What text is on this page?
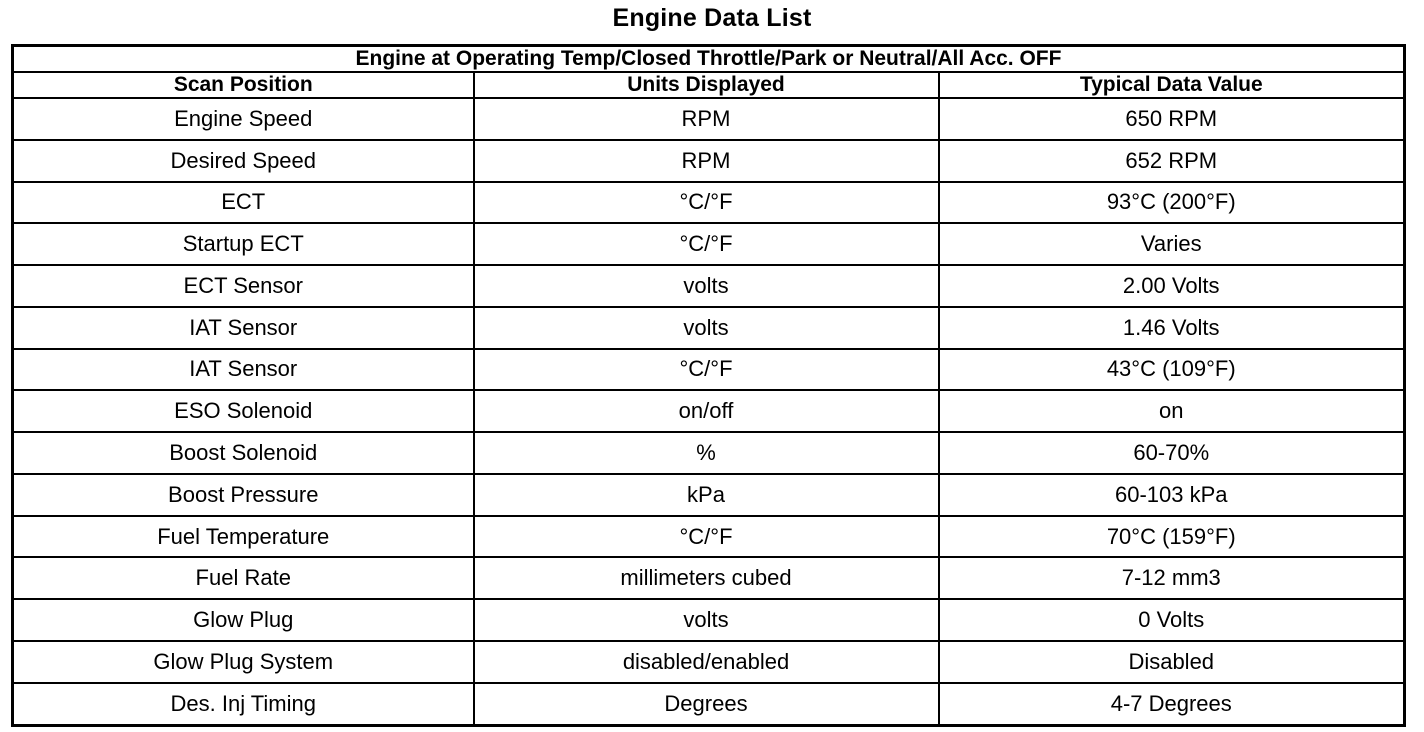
Engine Data List
Engine at Operating Temp/Closed Throttle/Park or Neutral/All Acc. OFF		
Scan Position	Units Displayed	Typical Data Value
Engine Speed	RPM	650 RPM
Desired Speed	RPM	652 RPM
ECT	°C/°F	93°C (200°F)
Startup ECT	°C/°F	Varies
ECT Sensor	volts	2.00 Volts
IAT Sensor	volts	1.46 Volts
IAT Sensor	°C/°F	43°C (109°F)
ESO Solenoid	on/off	on
Boost Solenoid	%	60-70%
Boost Pressure	kPa	60-103 kPa
Fuel Temperature	°C/°F	70°C (159°F)
Fuel Rate	millimeters cubed	7-12 mm3
Glow Plug	volts	0 Volts
Glow Plug System	disabled/enabled	Disabled
Des. Inj Timing	Degrees	4-7 Degrees
